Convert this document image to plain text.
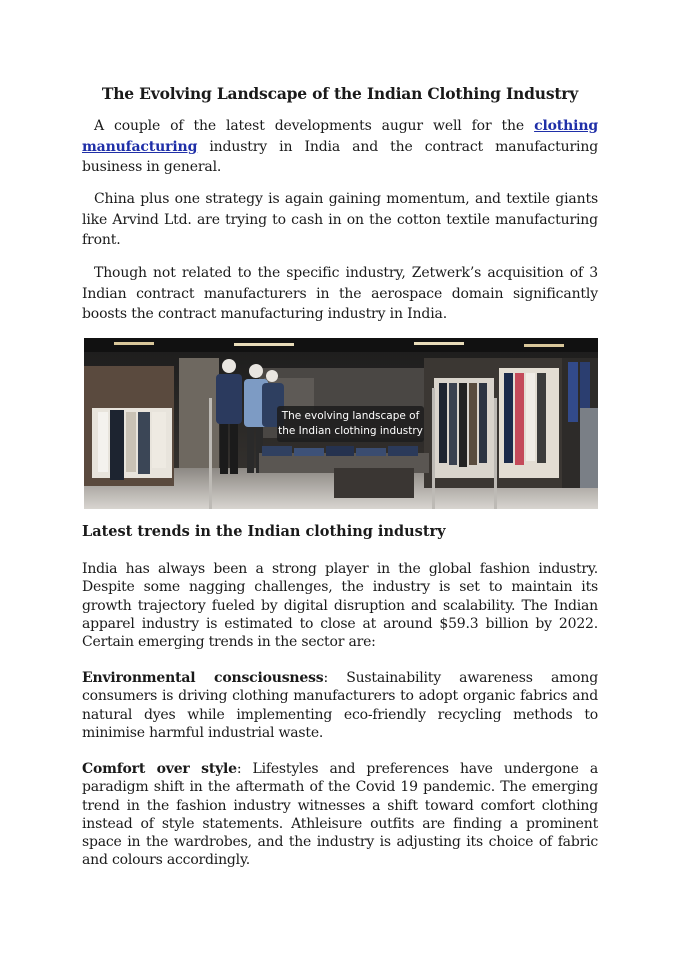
The Evolving Landscape of the Indian Clothing Industry
A couple of the latest developments augur well for the clothing manufacturing industry in India and the contract manufacturing business in general.
China plus one strategy is again gaining momentum, and textile giants like Arvind Ltd. are trying to cash in on the cotton textile manufacturing front.
Though not related to the specific industry, Zetwerk’s acquisition of 3 Indian contract manufacturers in the aerospace domain significantly boosts the contract manufacturing industry in India.
The evolving landscape of
the Indian clothing industry
Latest trends in the Indian clothing industry
India has always been a strong player in the global fashion industry. Despite some nagging challenges, the industry is set to maintain its growth trajectory fueled by digital disruption and scalability. The Indian apparel industry is estimated to close at around $59.3 billion by 2022. Certain emerging trends in the sector are:
Environmental consciousness: Sustainability awareness among consumers is driving clothing manufacturers to adopt organic fabrics and natural dyes while implementing eco-friendly recycling methods to minimise harmful industrial waste.
Comfort over style: Lifestyles and preferences have undergone a paradigm shift in the aftermath of the Covid 19 pandemic. The emerging trend in the fashion industry witnesses a shift toward comfort clothing instead of style statements. Athleisure outfits are finding a prominent space in the wardrobes, and the industry is adjusting its choice of fabric and colours accordingly.
